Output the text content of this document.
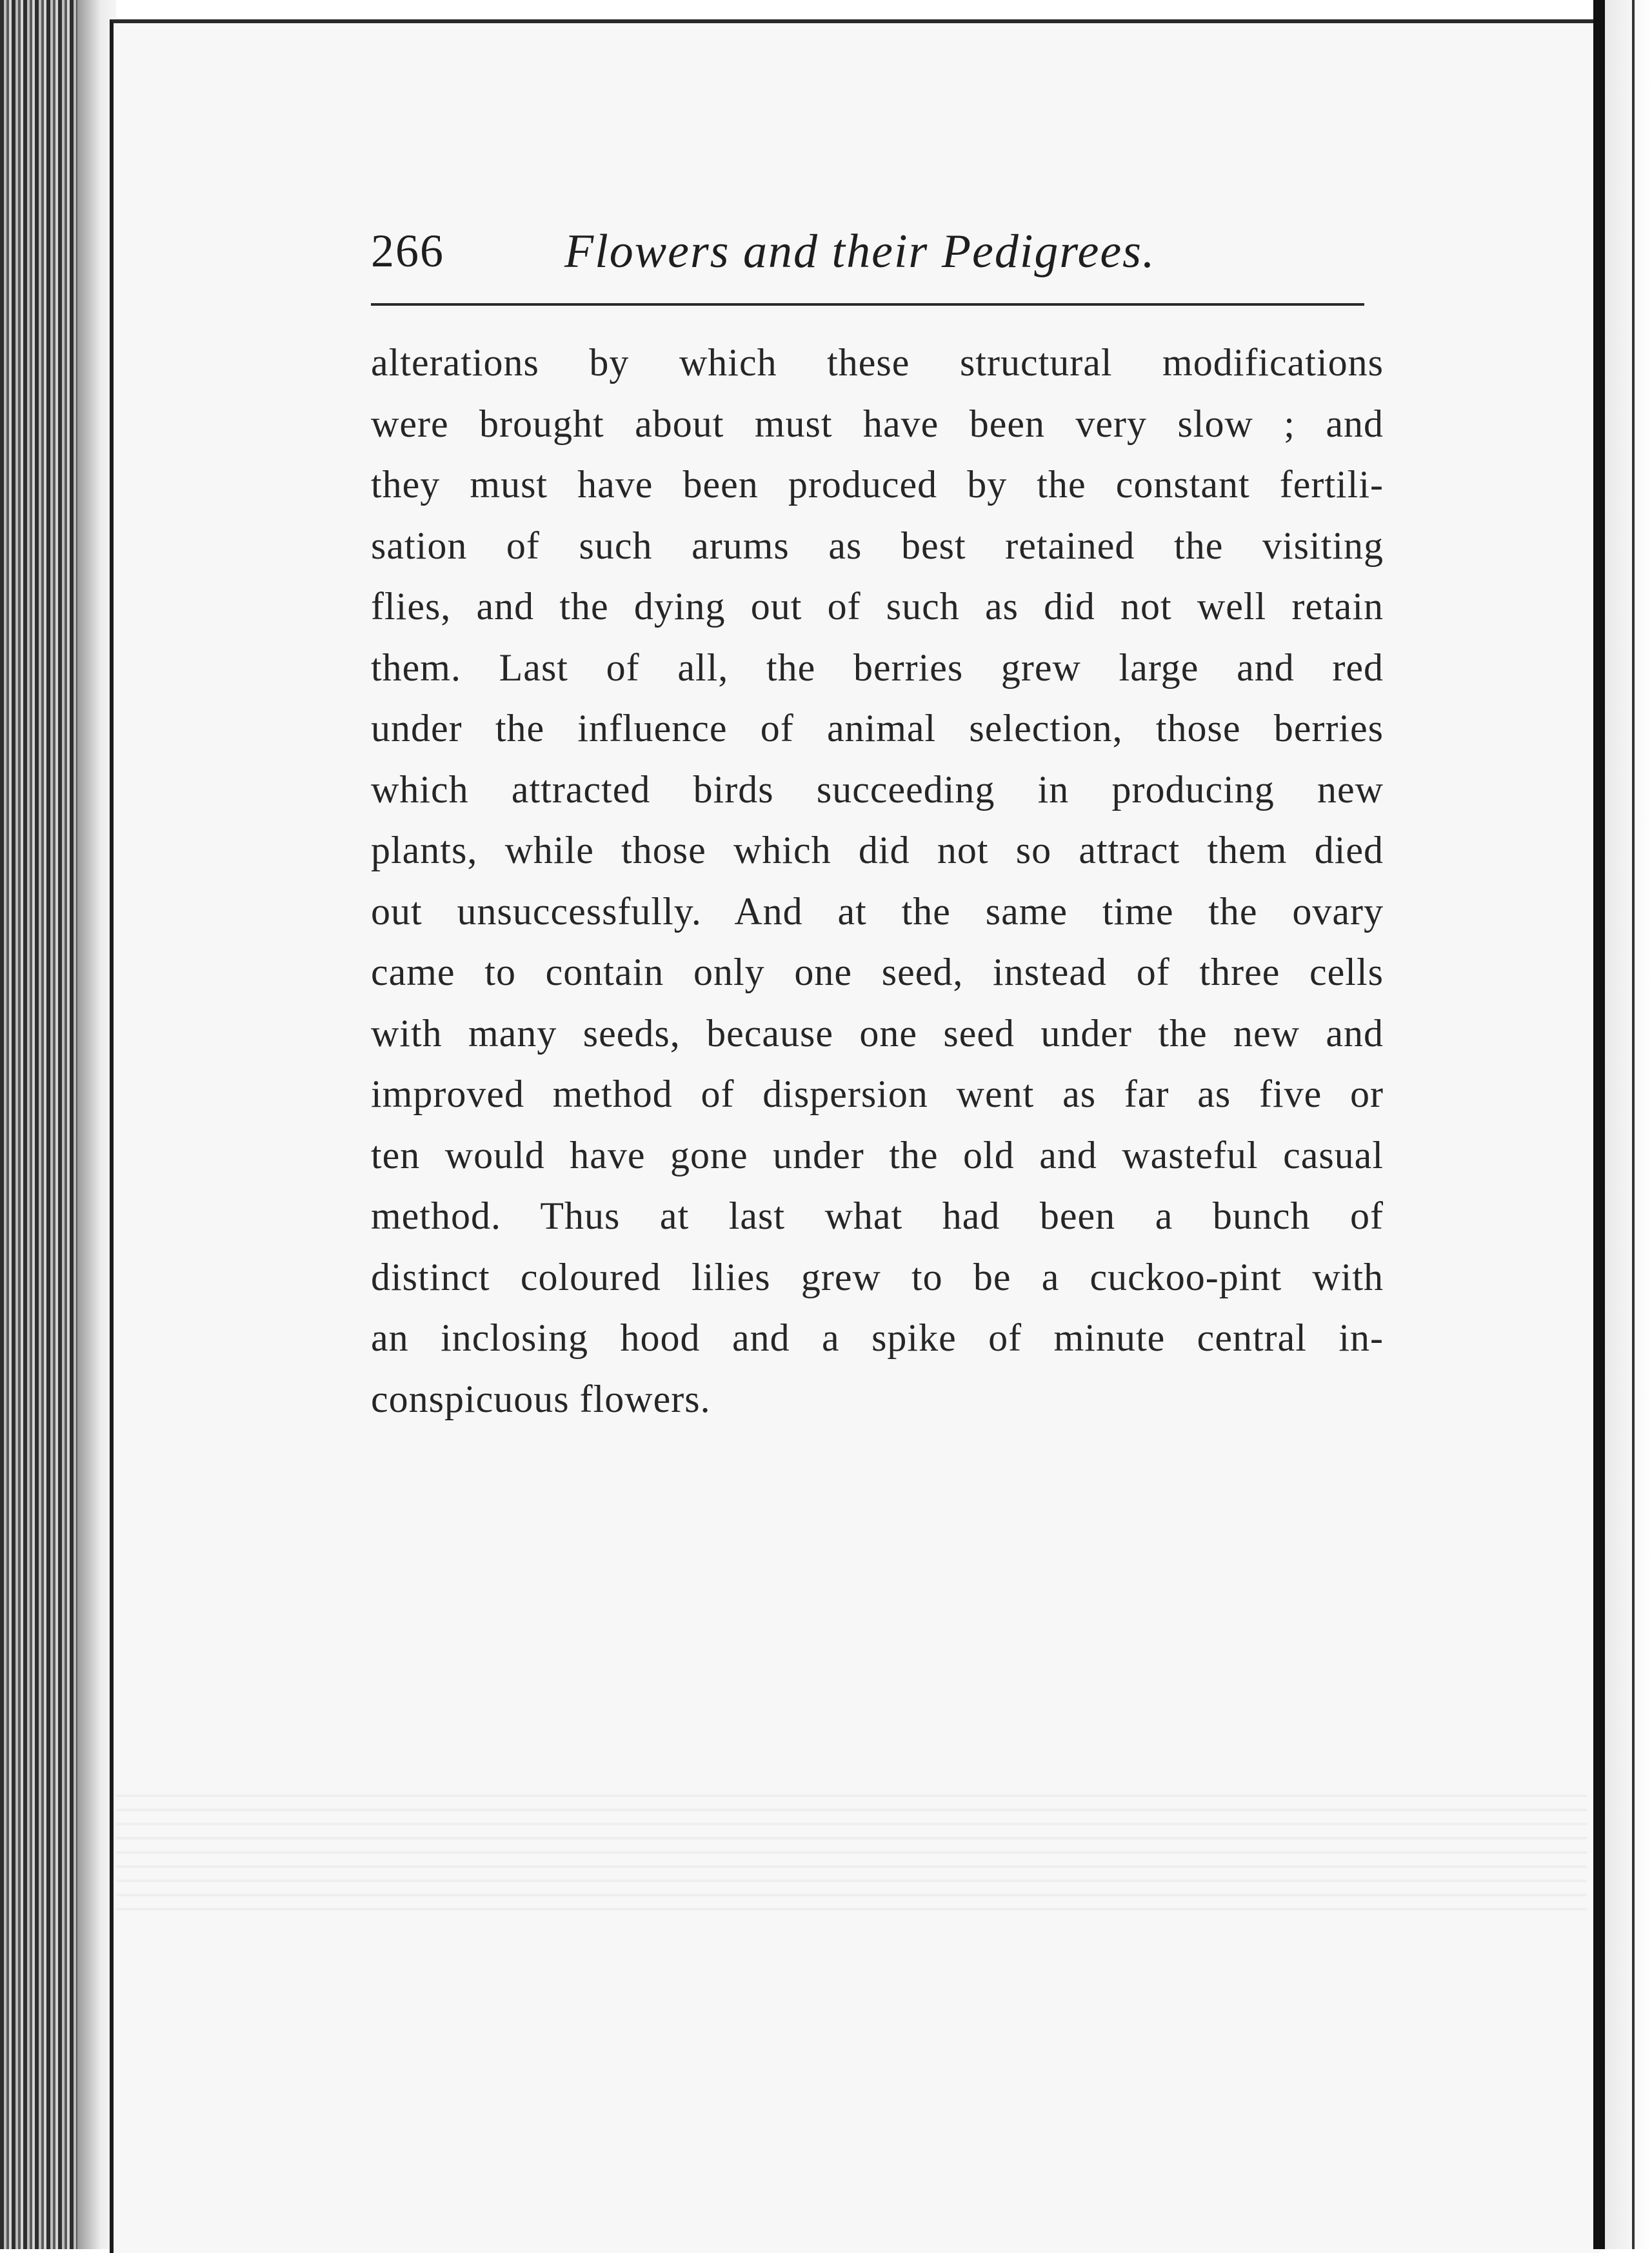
266	Flowers and their Pedigrees.
alterations by which these structural modifications
were brought about must have been very slow ; and
they must have been produced by the constant fertili-
sation of such arums as best retained the visiting
flies, and the dying out of such as did not well retain
them. Last of all, the berries grew large and red
under the influence of animal selection, those berries
which attracted birds succeeding in producing new
plants, while those which did not so attract them died
out unsuccessfully. And at the same time the ovary
came to contain only one seed, instead of three cells
with many seeds, because one seed under the new and
improved method of dispersion went as far as five or
ten would have gone under the old and wasteful casual
method. Thus at last what had been a bunch of
distinct coloured lilies grew to be a cuckoo-pint with
an inclosing hood and a spike of minute central in-
conspicuous flowers.
